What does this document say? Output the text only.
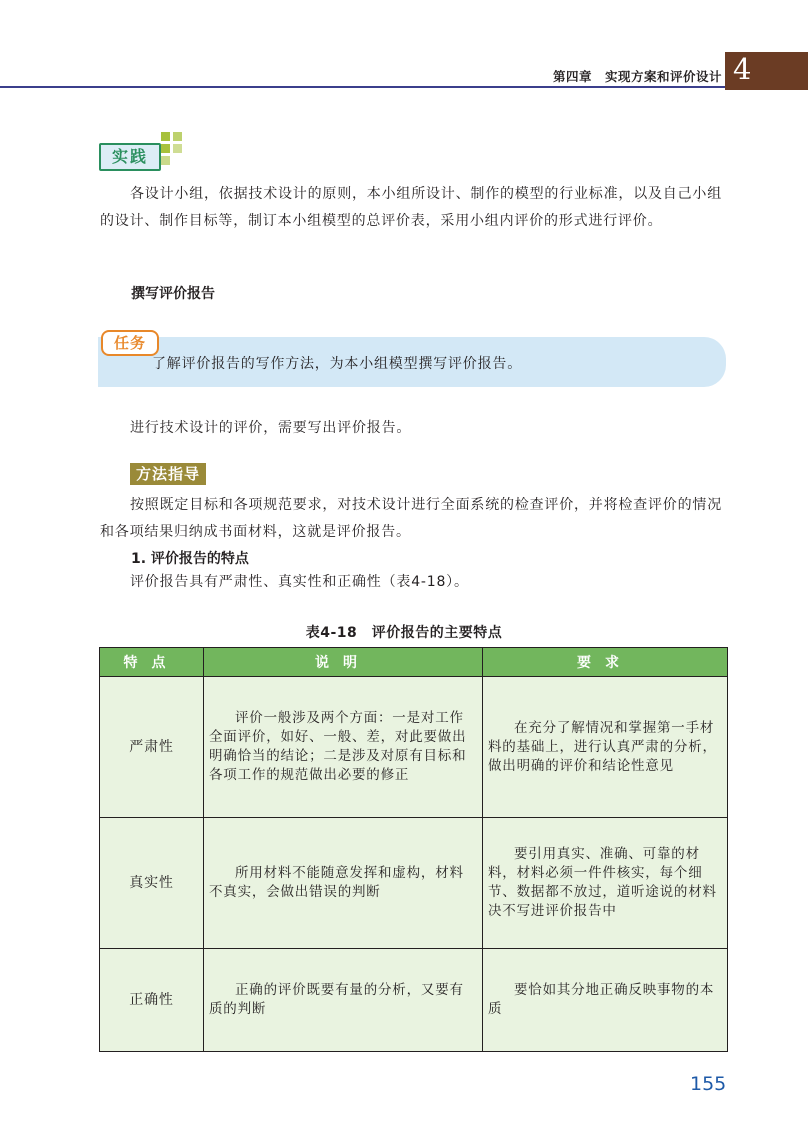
第四章　实现方案和评价设计 4
实践

各设计小组，依据技术设计的原则，本小组所设计、制作的模型的行业标准，以及自己小组的设计、制作目标等，制订本小组模型的总评价表，采用小组内评价的形式进行评价。

撰写评价报告
任务
了解评价报告的写作方法，为本小组模型撰写评价报告。

进行技术设计的评价，需要写出评价报告。

方法指导

按照既定目标和各项规范要求，对技术设计进行全面系统的检查评价，并将检查评价的情况和各项结果归纳成书面材料，这就是评价报告。

1. 评价报告的特点

评价报告具有严肃性、真实性和正确性（表4-18）。

表4-18　评价报告的主要特点
特点	说明	要求
严肃性	评价一般涉及两个方面：一是对工作全面评价，如好、一般、差，对此要做出明确恰当的结论；二是涉及对原有目标和各项工作的规范做出必要的修正	在充分了解情况和掌握第一手材料的基础上，进行认真严肃的分析，做出明确的评价和结论性意见

真实性	所用材料不能随意发挥和虚构，材料不真实，会做出错误的判断	要引用真实、准确、可靠的材料，材料必须一件件核实，每个细节、数据都不放过，道听途说的材料决不写进评价报告中

正确性	正确的评价既要有量的分析，又要有质的判断	要恰如其分地正确反映事物的本质
155
